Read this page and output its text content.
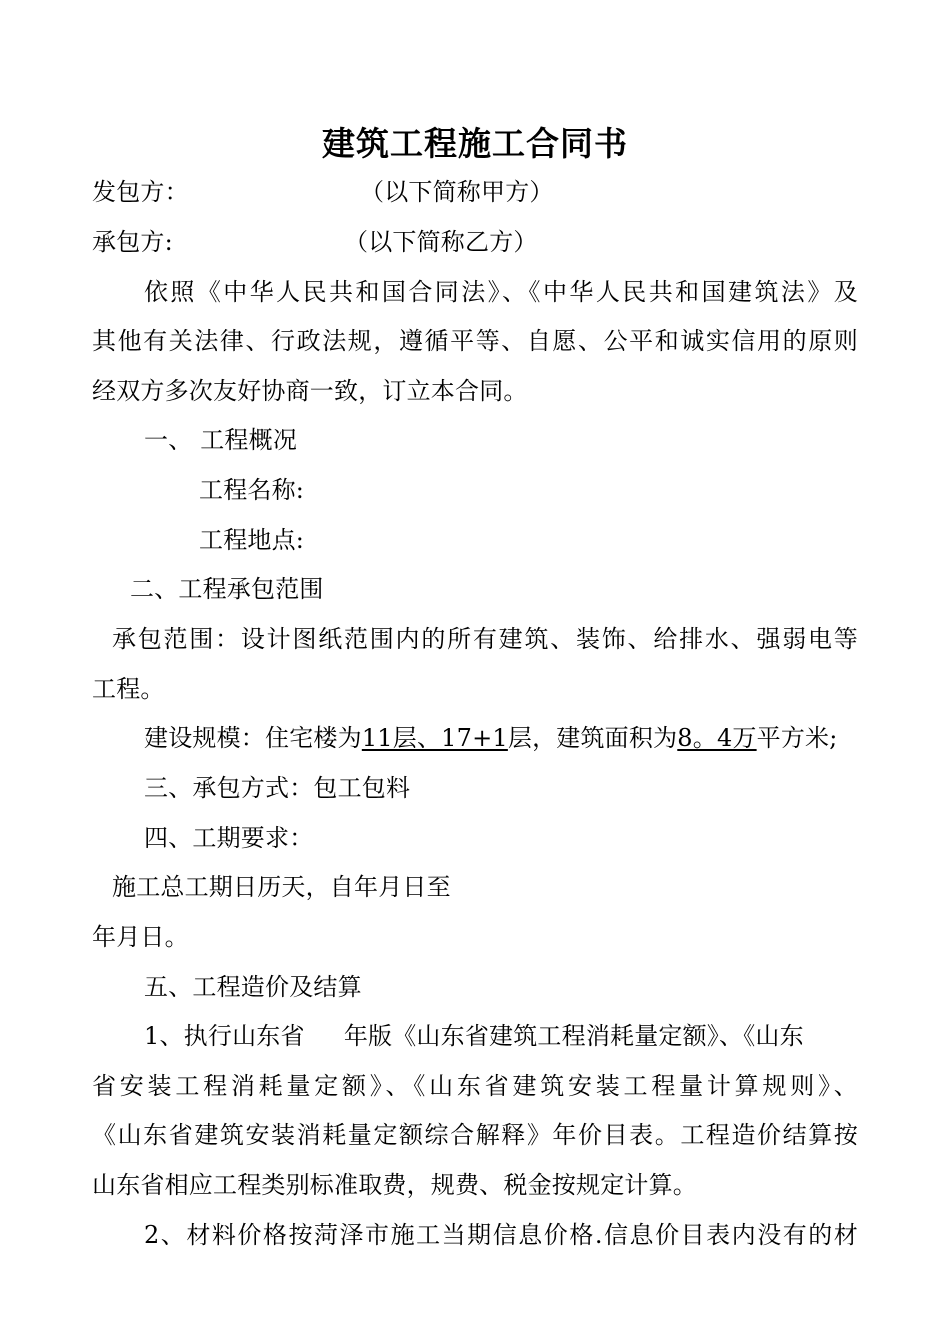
建筑工程施工合同书
发包方：	（以下简称甲方）
承包方:	（以下简称乙方）
依照《中华人民共和国合同法》、《中华人民共和国建筑法》及
其他有关法律、行政法规，遵循平等、自愿、公平和诚实信用的原则
经双方多次友好协商一致，订立本合同。
一、 工程概况
工程名称:
工程地点:
二、工程承包范围
承包范围：设计图纸范围内的所有建筑、装饰、给排水、强弱电等
工程。
建设规模：住宅楼为11层、17+1层，建筑面积为8。4万平方米;
三、承包方式：包工包料
四、工期要求：
施工总工期日历天，自年月日至
年月日。
五、工程造价及结算
1、执行山东省     年版《山东省建筑工程消耗量定额》、《山东
省安装工程消耗量定额》、《山东省建筑安装工程量计算规则》、
《山东省建筑安装消耗量定额综合解释》年价目表。工程造价结算按
山东省相应工程类别标准取费，规费、税金按规定计算。
2、材料价格按菏泽市施工当期信息价格.信息价目表内没有的材
